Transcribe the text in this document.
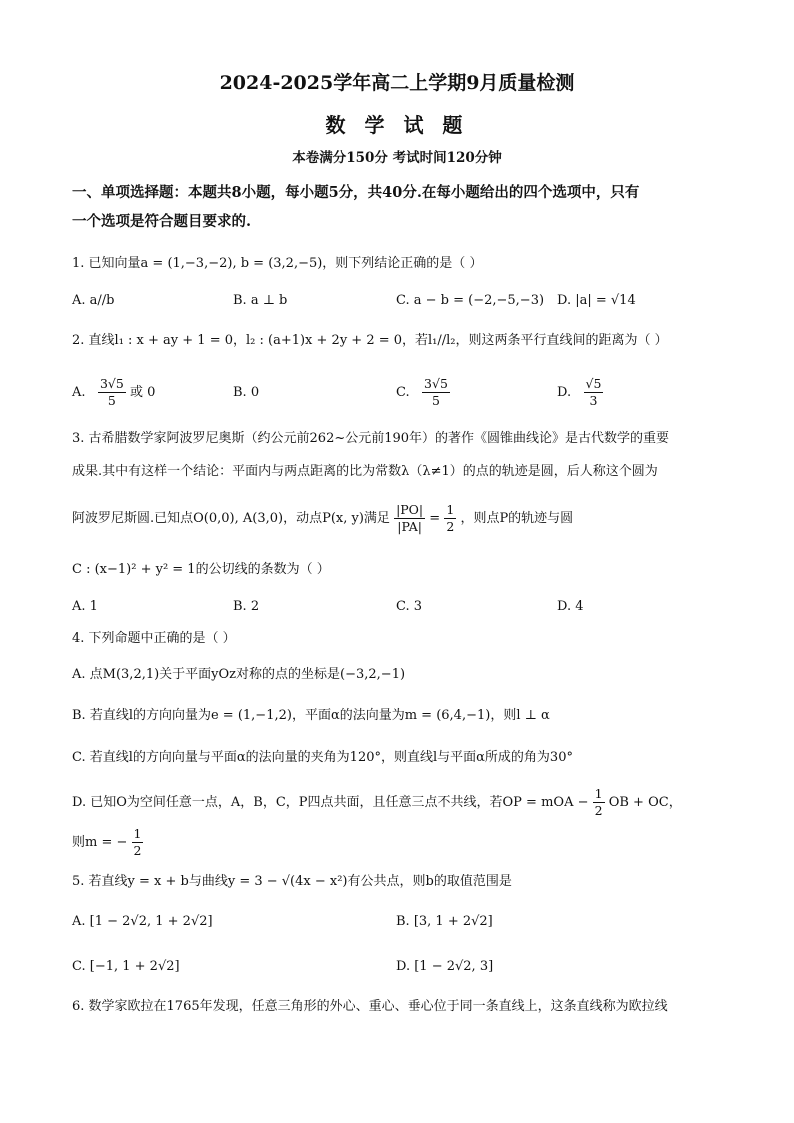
2024-2025学年高二上学期9月质量检测
数 学 试 题
本卷满分150分 考试时间120分钟
一、单项选择题：本题共8小题，每小题5分，共40分.在每小题给出的四个选项中，只有
一个选项是符合题目要求的.
1. 已知向量a = (1,−3,−2), b = (3,2,−5)，则下列结论正确的是（ ）
A. a//b	B. a ⊥ b	C. a − b = (−2,−5,−3) D. |a| = √14
2. 直线l₁ : x + ay + 1 = 0，l₂ : (a+1)x + 2y + 2 = 0，若l₁//l₂，则这两条平行直线间的距离为（ ）
A. $\frac{3√5}{5}$ 或 0	B. 0	C. $\frac{3√5}{5}$	D. $\frac{√5}{3}$
3. 古希腊数学家阿波罗尼奥斯（约公元前262~公元前190年）的著作《圆锥曲线论》是古代数学的重要
成果.其中有这样一个结论：平面内与两点距离的比为常数λ（λ≠1）的点的轨迹是圆，后人称这个圆为
阿波罗尼斯圆.已知点O(0,0), A(3,0)，动点P(x, y)满足 $\frac{|PO|}{|PA|} = \frac{1}{2}$ ，则点P的轨迹与圆
C : (x−1)² + y² = 1的公切线的条数为（ ）
A. 1	B. 2	C. 3	D. 4
4. 下列命题中正确的是（ ）
A. 点M(3,2,1)关于平面yOz对称的点的坐标是(−3,2,−1)
B. 若直线l的方向向量为e = (1,−1,2)，平面α的法向量为m = (6,4,−1)，则l ⊥ α
C. 若直线l的方向向量与平面α的法向量的夹角为120°，则直线l与平面α所成的角为30°
D. 已知O为空间任意一点，A，B，C，P四点共面，且任意三点不共线，若OP = mOA − $\frac{1}{2}$ OB + OC，
则m = − $\frac{1}{2}$
5. 若直线y = x + b与曲线y = 3 − √(4x − x²)有公共点，则b的取值范围是
A. [1 − 2√2, 1 + 2√2]	B. [3, 1 + 2√2]
C. [−1, 1 + 2√2]	D. [1 − 2√2, 3]
6. 数学家欧拉在1765年发现，任意三角形的外心、重心、垂心位于同一条直线上，这条直线称为欧拉线
